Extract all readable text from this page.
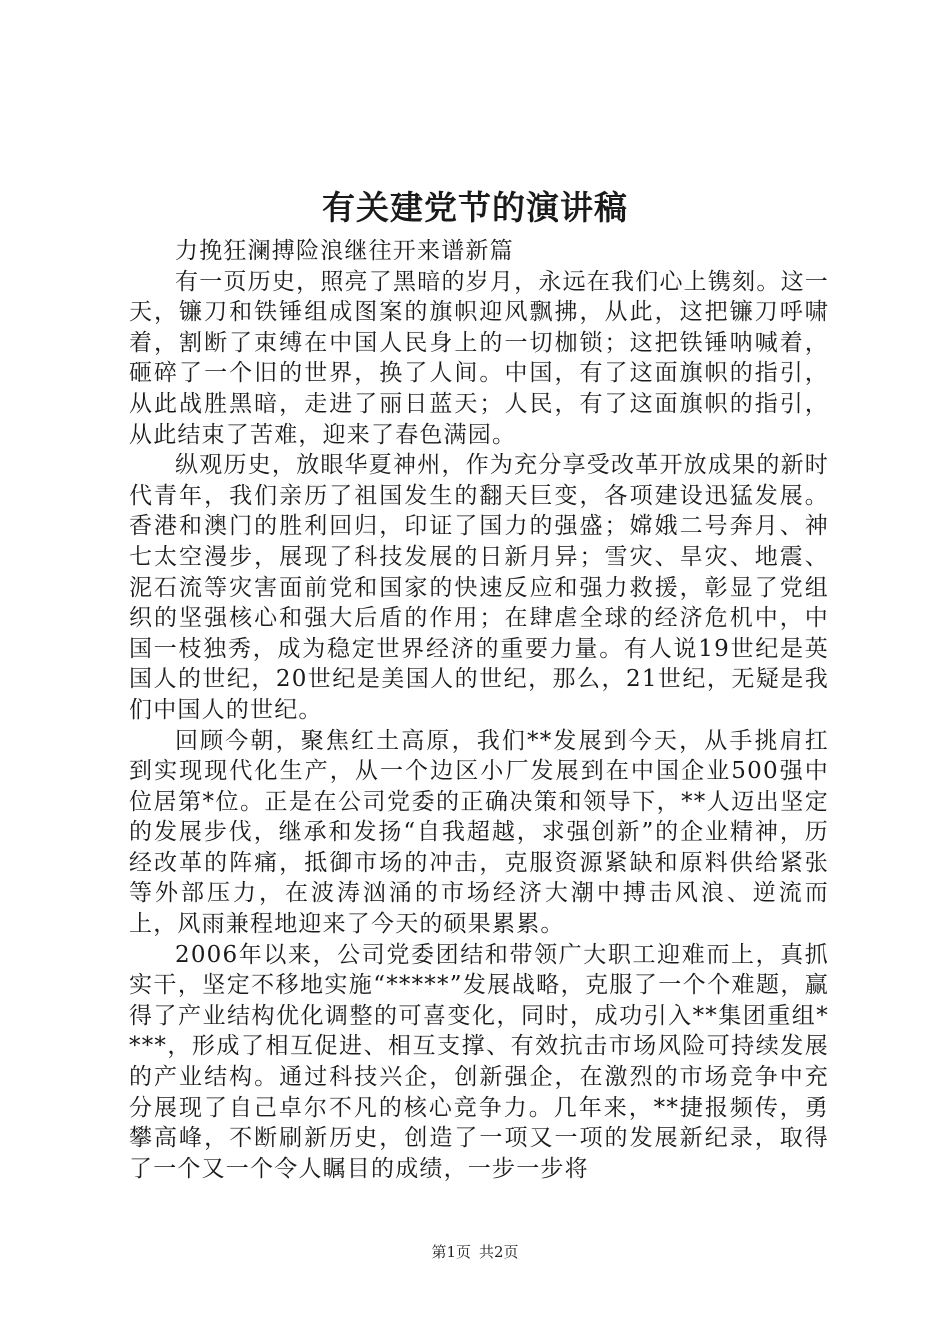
有关建党节的演讲稿

力挽狂澜搏险浪继往开来谱新篇

有一页历史，照亮了黑暗的岁月，永远在我们心上镌刻。这一天，镰刀和铁锤组成图案的旗帜迎风飘拂，从此，这把镰刀呼啸着，割断了束缚在中国人民身上的一切枷锁；这把铁锤呐喊着，砸碎了一个旧的世界，换了人间。中国，有了这面旗帜的指引，从此战胜黑暗，走进了丽日蓝天；人民，有了这面旗帜的指引，从此结束了苦难，迎来了春色满园。

纵观历史，放眼华夏神州，作为充分享受改革开放成果的新时代青年，我们亲历了祖国发生的翻天巨变，各项建设迅猛发展。香港和澳门的胜利回归，印证了国力的强盛；嫦娥二号奔月、神七太空漫步，展现了科技发展的日新月异；雪灾、旱灾、地震、泥石流等灾害面前党和国家的快速反应和强力救援，彰显了党组织的坚强核心和强大后盾的作用；在肆虐全球的经济危机中，中国一枝独秀，成为稳定世界经济的重要力量。有人说19世纪是英国人的世纪，20世纪是美国人的世纪，那么，21世纪，无疑是我们中国人的世纪。

回顾今朝，聚焦红土高原，我们**发展到今天，从手挑肩扛到实现现代化生产，从一个边区小厂发展到在中国企业500强中位居第*位。正是在公司党委的正确决策和领导下，**人迈出坚定的发展步伐，继承和发扬“自我超越，求强创新”的企业精神，历经改革的阵痛，抵御市场的冲击，克服资源紧缺和原料供给紧张等外部压力，在波涛汹涌的市场经济大潮中搏击风浪、逆流而上，风雨兼程地迎来了今天的硕果累累。

2006年以来，公司党委团结和带领广大职工迎难而上，真抓实干，坚定不移地实施“*****”发展战略，克服了一个个难题，赢得了产业结构优化调整的可喜变化，同时，成功引入**集团重组****，形成了相互促进、相互支撑、有效抗击市场风险可持续发展的产业结构。通过科技兴企，创新强企，在激烈的市场竞争中充分展现了自己卓尔不凡的核心竞争力。几年来，**捷报频传，勇攀高峰，不断刷新历史，创造了一项又一项的发展新纪录，取得了一个又一个令人瞩目的成绩，一步一步将

第1页 共2页
